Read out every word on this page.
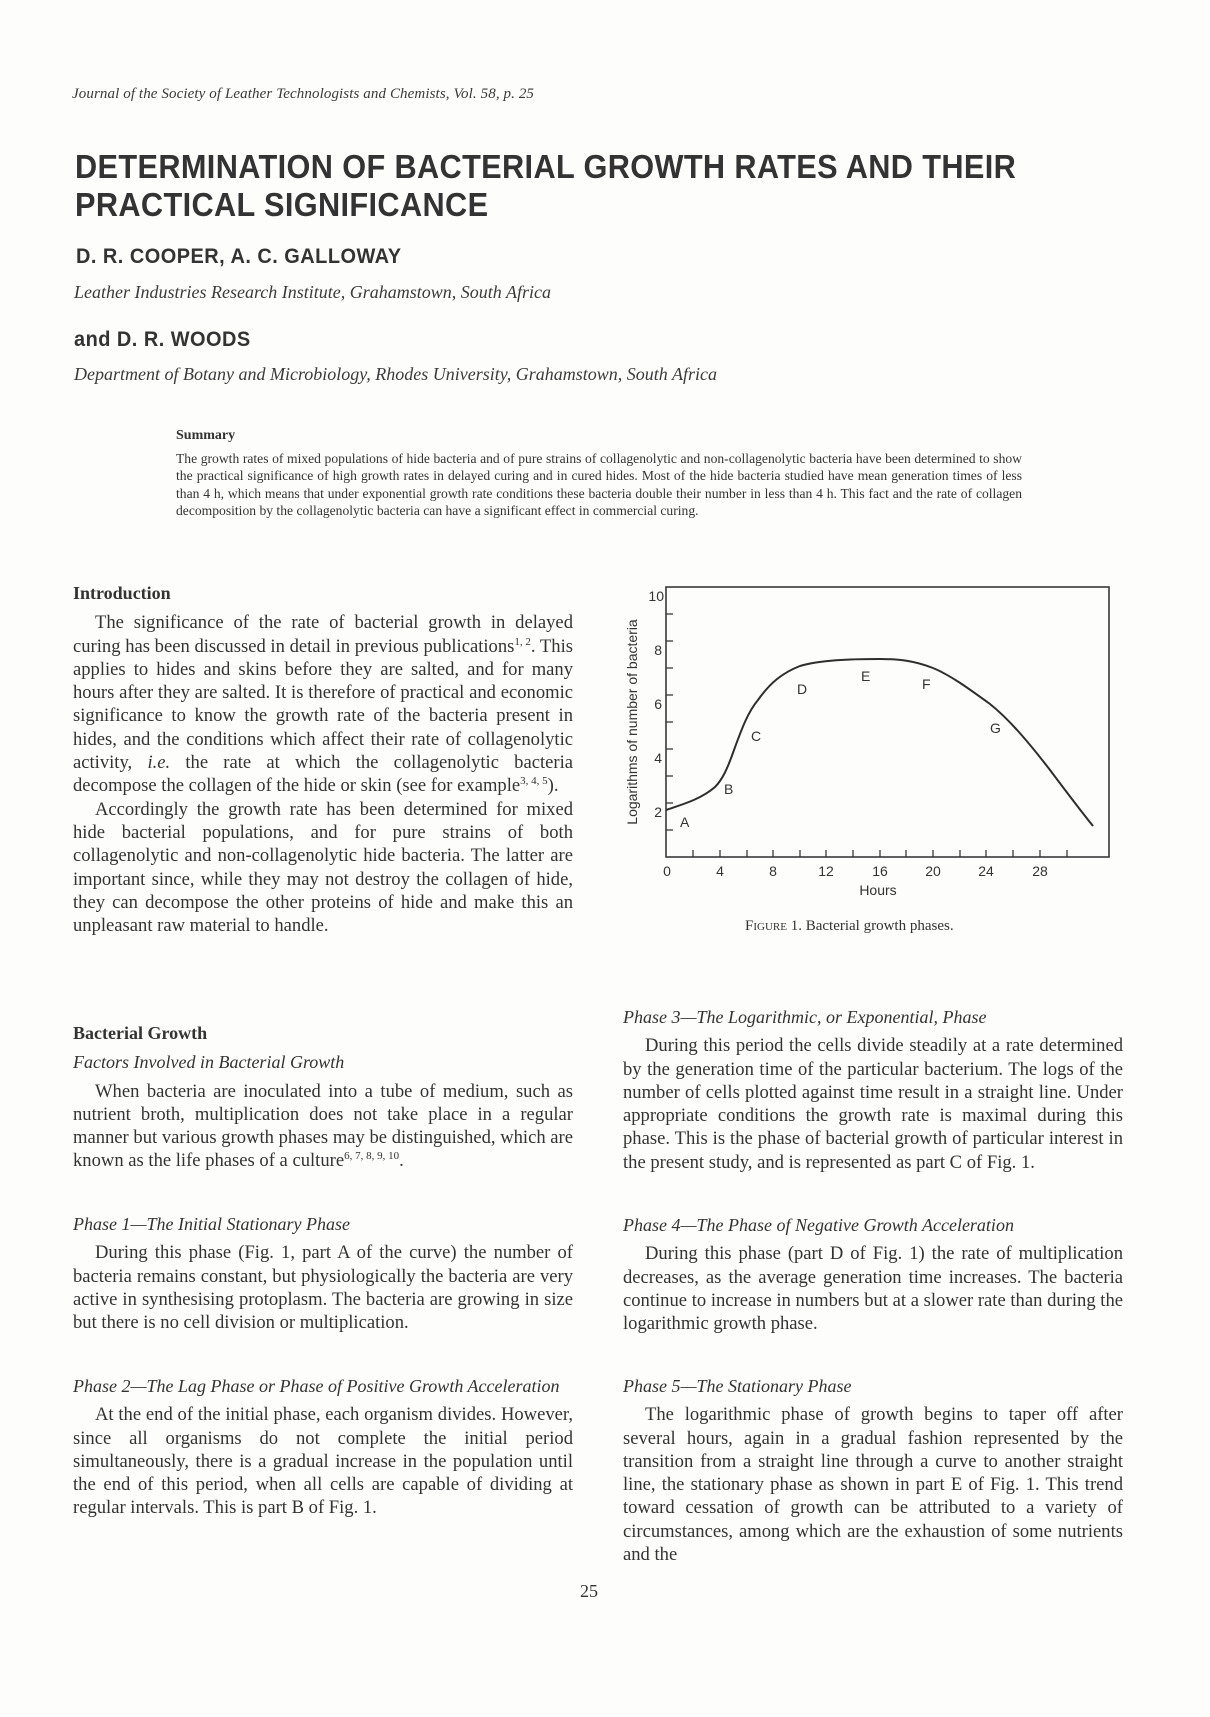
Journal of the Society of Leather Technologists and Chemists, Vol. 58, p. 25
DETERMINATION OF BACTERIAL GROWTH RATES AND THEIR
PRACTICAL SIGNIFICANCE
D. R. COOPER, A. C. GALLOWAY
Leather Industries Research Institute, Grahamstown, South Africa
and D. R. WOODS
Department of Botany and Microbiology, Rhodes University, Grahamstown, South Africa
Summary

The growth rates of mixed populations of hide bacteria and of pure strains of collagenolytic and non-collagenolytic bacteria have been determined to show the practical significance of high growth rates in delayed curing and in cured hides. Most of the hide bacteria studied have mean generation times of less than 4 h, which means that under exponential growth rate conditions these bacteria double their number in less than 4 h. This fact and the rate of collagen decomposition by the collagenolytic bacteria can have a significant effect in commercial curing.

Introduction

The significance of the rate of bacterial growth in delayed curing has been discussed in detail in previous publications$^{1, 2}$. This applies to hides and skins before they are salted, and for many hours after they are salted. It is therefore of practical and economic significance to know the growth rate of the bacteria present in hides, and the conditions which affect their rate of collagenolytic activity, i.e. the rate at which the collagenolytic bacteria decompose the collagen of the hide or skin (see for example$^{3, 4, 5}$).

Accordingly the growth rate has been determined for mixed hide bacterial populations, and for pure strains of both collagenolytic and non-collagenolytic hide bacteria. The latter are important since, while they may not destroy the collagen of hide, they can decompose the other proteins of hide and make this an unpleasant raw material to handle.

Bacterial Growth
Factors Involved in Bacterial Growth

When bacteria are inoculated into a tube of medium, such as nutrient broth, multiplication does not take place in a regular manner but various growth phases may be distinguished, which are known as the life phases of a culture$^{6, 7, 8, 9, 10}$.

Phase 1—The Initial Stationary Phase

During this phase (Fig. 1, part A of the curve) the number of bacteria remains constant, but physiologically the bacteria are very active in synthesising protoplasm. The bacteria are growing in size but there is no cell division or multiplication.

Phase 2—The Lag Phase or Phase of Positive Growth Acceleration

At the end of the initial phase, each organism divides. However, since all organisms do not complete the initial period simultaneously, there is a gradual increase in the population until the end of this period, when all cells are capable of dividing at regular intervals. This is part B of Fig. 1.

10
8
6
4
2
0	4	8	12	16	20	24	28
Hours
Logarithms of number of bacteria	A
B
C
D
E	F
G
Figure 1. Bacterial growth phases.
Phase 3—The Logarithmic, or Exponential, Phase

During this period the cells divide steadily at a rate determined by the generation time of the particular bacterium. The logs of the number of cells plotted against time result in a straight line. Under appropriate conditions the growth rate is maximal during this phase. This is the phase of bacterial growth of particular interest in the present study, and is represented as part C of Fig. 1.

Phase 4—The Phase of Negative Growth Acceleration

During this phase (part D of Fig. 1) the rate of multiplication decreases, as the average generation time increases. The bacteria continue to increase in numbers but at a slower rate than during the logarithmic growth phase.

Phase 5—The Stationary Phase

The logarithmic phase of growth begins to taper off after several hours, again in a gradual fashion represented by the transition from a straight line through a curve to another straight line, the stationary phase as shown in part E of Fig. 1. This trend toward cessation of growth can be attributed to a variety of circumstances, among which are the exhaustion of some nutrients and the

25
